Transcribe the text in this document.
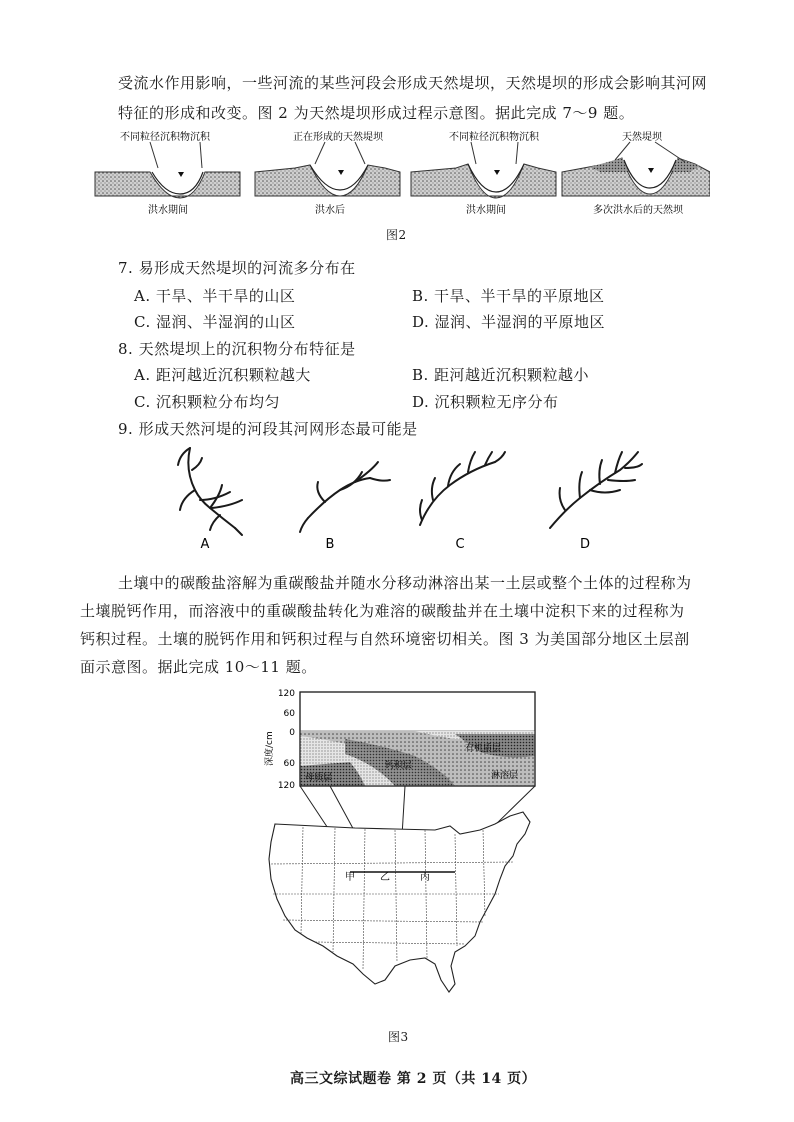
受流水作用影响，一些河流的某些河段会形成天然堤坝，天然堤坝的形成会影响其河网
特征的形成和改变。图 2 为天然堤坝形成过程示意图。据此完成 7～9 题。
不同粒径沉积物沉积
洪水期间
正在形成的天然堤坝
洪水后
不同粒径沉积物沉积
洪水期间
天然堤坝
多次洪水后的天然坝
图2
7. 易形成天然堤坝的河流多分布在
A. 干旱、半干旱的山区	B. 干旱、半干旱的平原地区
C. 湿润、半湿润的山区	D. 湿润、半湿润的平原地区
8. 天然堤坝上的沉积物分布特征是
A. 距河越近沉积颗粒越大	B. 距河越近沉积颗粒越小
C. 沉积颗粒分布均匀	D. 沉积颗粒无序分布
9. 形成天然河堤的河段其河网形态最可能是
A	B	C	D
土壤中的碳酸盐溶解为重碳酸盐并随水分移动淋溶出某一土层或整个土体的过程称为
土壤脱钙作用，而溶液中的重碳酸盐转化为难溶的碳酸盐并在土壤中淀积下来的过程称为
钙积过程。土壤的脱钙作用和钙积过程与自然环境密切相关。图 3 为美国部分地区土层剖
面示意图。据此完成 10～11 题。
120
60
0
60
120
深度/cm	有机质层
钙积层
母质层	淋溶层
甲	乙	丙
图3
高三文综试题卷 第 2 页（共 14 页）
